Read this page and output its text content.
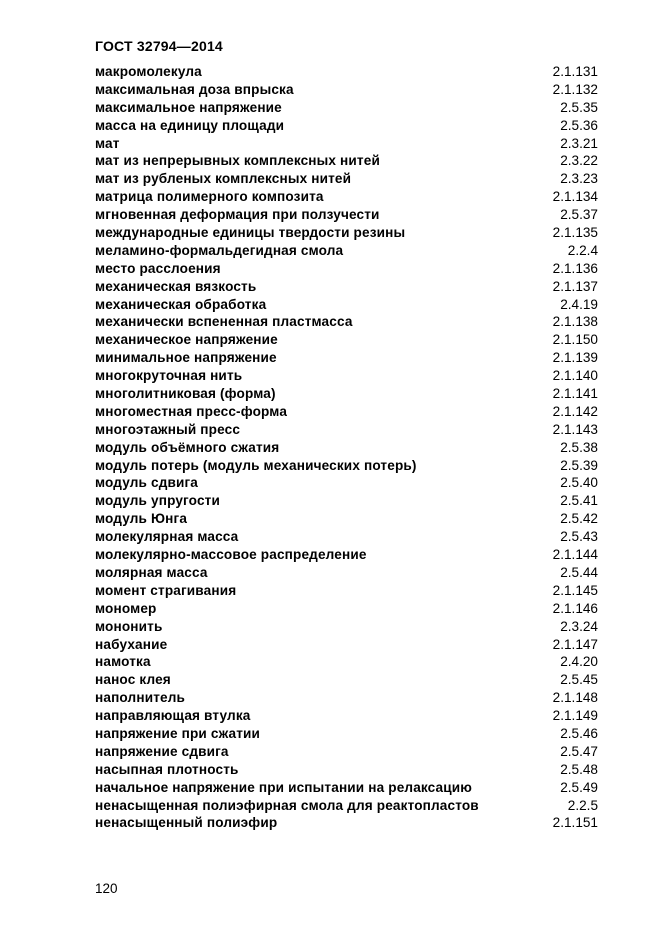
ГОСТ 32794—2014
макромолекула	2.1.131
максимальная доза впрыска	2.1.132
максимальное напряжение	2.5.35
масса на единицу площади	2.5.36
мат	2.3.21
мат из непрерывных комплексных нитей	2.3.22
мат из рубленых комплексных нитей	2.3.23
матрица полимерного композита	2.1.134
мгновенная деформация при ползучести	2.5.37
международные единицы твердости резины	2.1.135
меламино-формальдегидная смола	2.2.4
место расслоения	2.1.136
механическая вязкость	2.1.137
механическая обработка	2.4.19
механически вспененная пластмасса	2.1.138
механическое напряжение	2.1.150
минимальное напряжение	2.1.139
многокруточная нить	2.1.140
многолитниковая (форма)	2.1.141
многоместная пресс-форма	2.1.142
многоэтажный пресс	2.1.143
модуль объёмного сжатия	2.5.38
модуль потерь (модуль механических потерь)	2.5.39
модуль сдвига	2.5.40
модуль упругости	2.5.41
модуль Юнга	2.5.42
молекулярная масса	2.5.43
молекулярно-массовое распределение	2.1.144
молярная масса	2.5.44
момент страгивания	2.1.145
мономер	2.1.146
мононить	2.3.24
набухание	2.1.147
намотка	2.4.20
нанос клея	2.5.45
наполнитель	2.1.148
направляющая втулка	2.1.149
напряжение при сжатии	2.5.46
напряжение сдвига	2.5.47
насыпная плотность	2.5.48
начальное напряжение при испытании на релаксацию	2.5.49
ненасыщенная полиэфирная смола для реактопластов	2.2.5
ненасыщенный полиэфир	2.1.151
120
